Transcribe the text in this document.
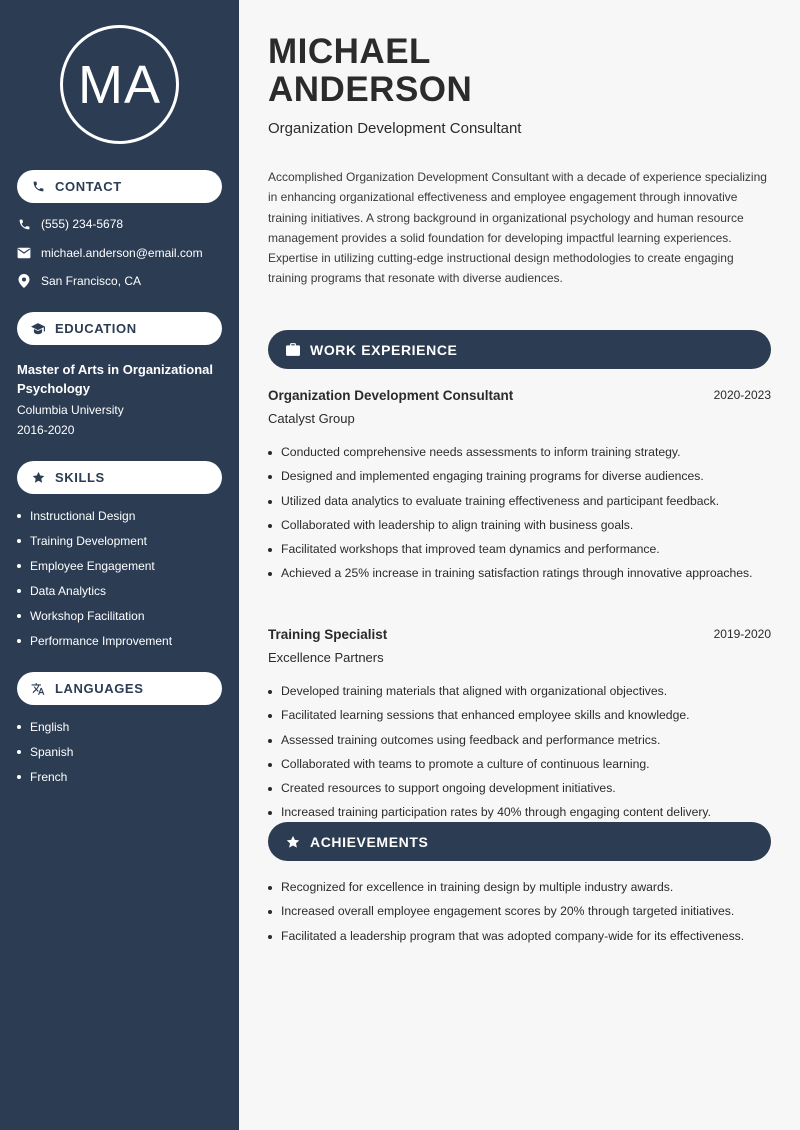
MA
CONTACT
(555) 234-5678
michael.anderson@email.com
San Francisco, CA
EDUCATION
Master of Arts in Organizational Psychology
Columbia University
2016-2020
SKILLS
Instructional Design
Training Development
Employee Engagement
Data Analytics
Workshop Facilitation
Performance Improvement
LANGUAGES
English
Spanish
French
MICHAEL
ANDERSON
Organization Development Consultant

Accomplished Organization Development Consultant with a decade of experience specializing in enhancing organizational effectiveness and employee engagement through innovative training initiatives. A strong background in organizational psychology and human resource management provides a solid foundation for developing impactful learning experiences. Expertise in utilizing cutting-edge instructional design methodologies to create engaging training programs that resonate with diverse audiences.

WORK EXPERIENCE
Organization Development Consultant	2020-2023
Catalyst Group
Conducted comprehensive needs assessments to inform training strategy.
Designed and implemented engaging training programs for diverse audiences.
Utilized data analytics to evaluate training effectiveness and participant feedback.
Collaborated with leadership to align training with business goals.
Facilitated workshops that improved team dynamics and performance.
Achieved a 25% increase in training satisfaction ratings through innovative approaches.
Training Specialist	2019-2020
Excellence Partners
Developed training materials that aligned with organizational objectives.
Facilitated learning sessions that enhanced employee skills and knowledge.
Assessed training outcomes using feedback and performance metrics.
Collaborated with teams to promote a culture of continuous learning.
Created resources to support ongoing development initiatives.
Increased training participation rates by 40% through engaging content delivery.
ACHIEVEMENTS
Recognized for excellence in training design by multiple industry awards.
Increased overall employee engagement scores by 20% through targeted initiatives.
Facilitated a leadership program that was adopted company-wide for its effectiveness.
